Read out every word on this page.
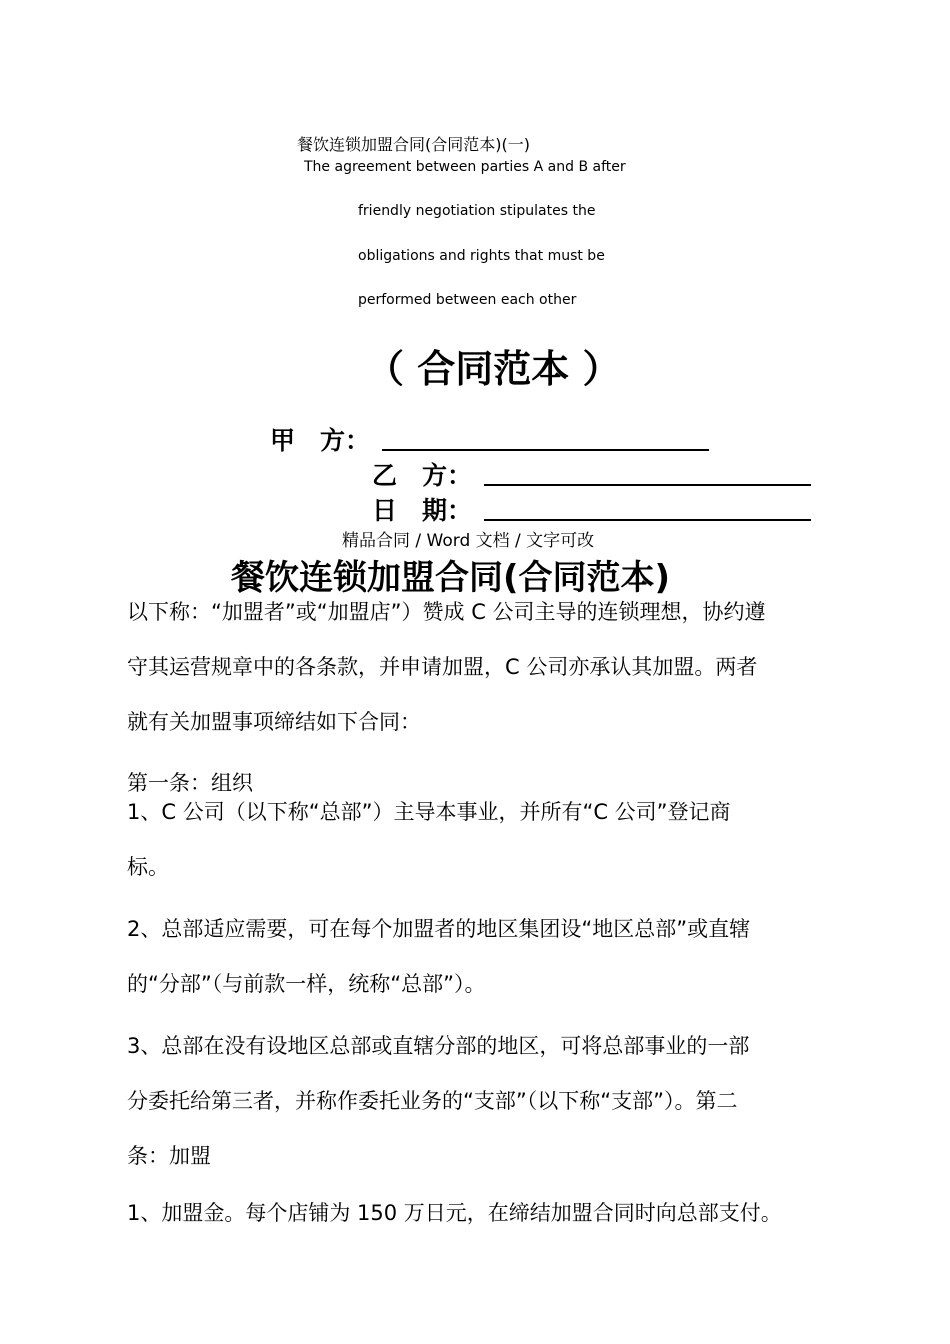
餐饮连锁加盟合同(合同范本)(一)
The agreement between parties A and B after
friendly negotiation stipulates the
obligations and rights that must be
performed between each other
（ 合同范本 ）
甲　方：
乙　方：
日　期：
精品合同 / Word 文档 / 文字可改
餐饮连锁加盟合同(合同范本)
以下称：“加盟者”或“加盟店”）赞成 C 公司主导的连锁理想，协约遵
守其运营规章中的各条款，并申请加盟，C 公司亦承认其加盟。两者
就有关加盟事项缔结如下合同：
第一条：组织
1、C 公司（以下称“总部”）主导本事业，并所有“C 公司”登记商
标。
2、总部适应需要，可在每个加盟者的地区集团设“地区总部”或直辖
的“分部”（与前款一样，统称“总部”）。
3、总部在没有设地区总部或直辖分部的地区，可将总部事业的一部
分委托给第三者，并称作委托业务的“支部”（以下称“支部”）。第二
条：加盟
1、加盟金。每个店铺为 150 万日元，在缔结加盟合同时向总部支付。
